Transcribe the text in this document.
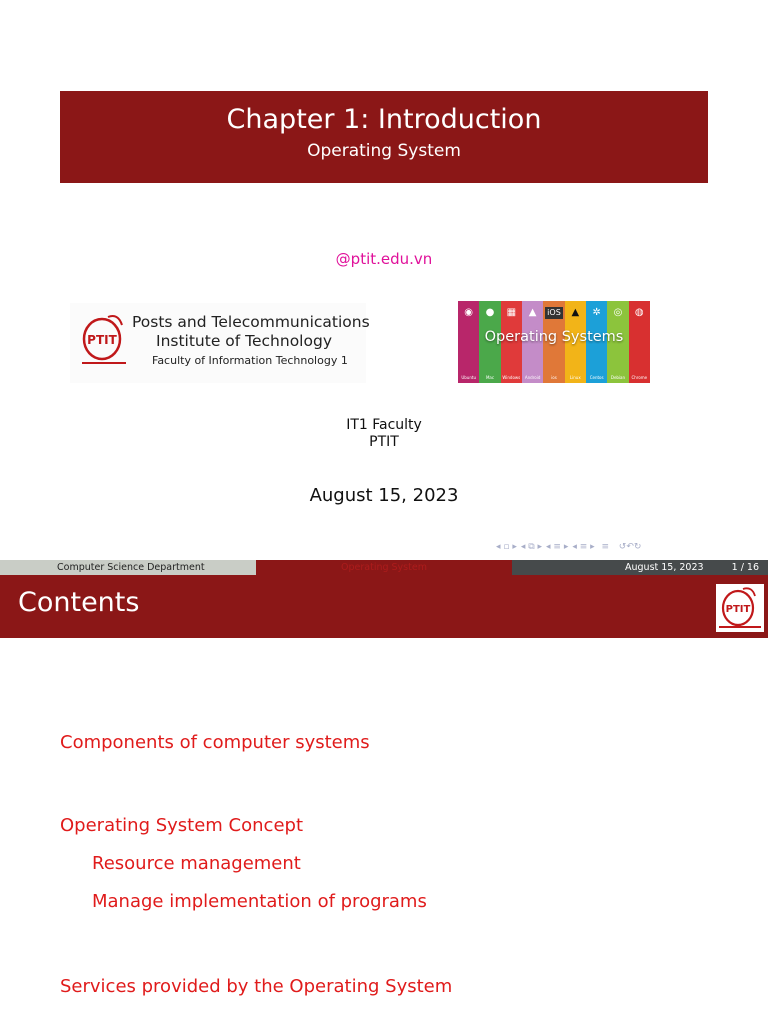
Chapter 1: Introduction
Operating System
@ptit.edu.vn
PTIT
Posts and Telecommunications
Institute of Technology
Faculty of Information Technology 1
◉
Ubuntu
●
Mac
▦
Windows
▲
Android
iOS
ios
▲
Linux
✲
Centos
◎
Debian
◍
Chrome
Operating Systems
IT1 Faculty
PTIT
August 15, 2023
◂ ▫ ▸ ◂ ⧉ ▸ ◂ ≡ ▸ ◂ ≡ ▸ ≡ ↺↶↻
Computer Science Department	Operating System	August 15, 2023	1 / 16
Contents	PTIT
Components of computer systems
Operating System Concept
Resource management
Manage implementation of programs
Services provided by the Operating System
